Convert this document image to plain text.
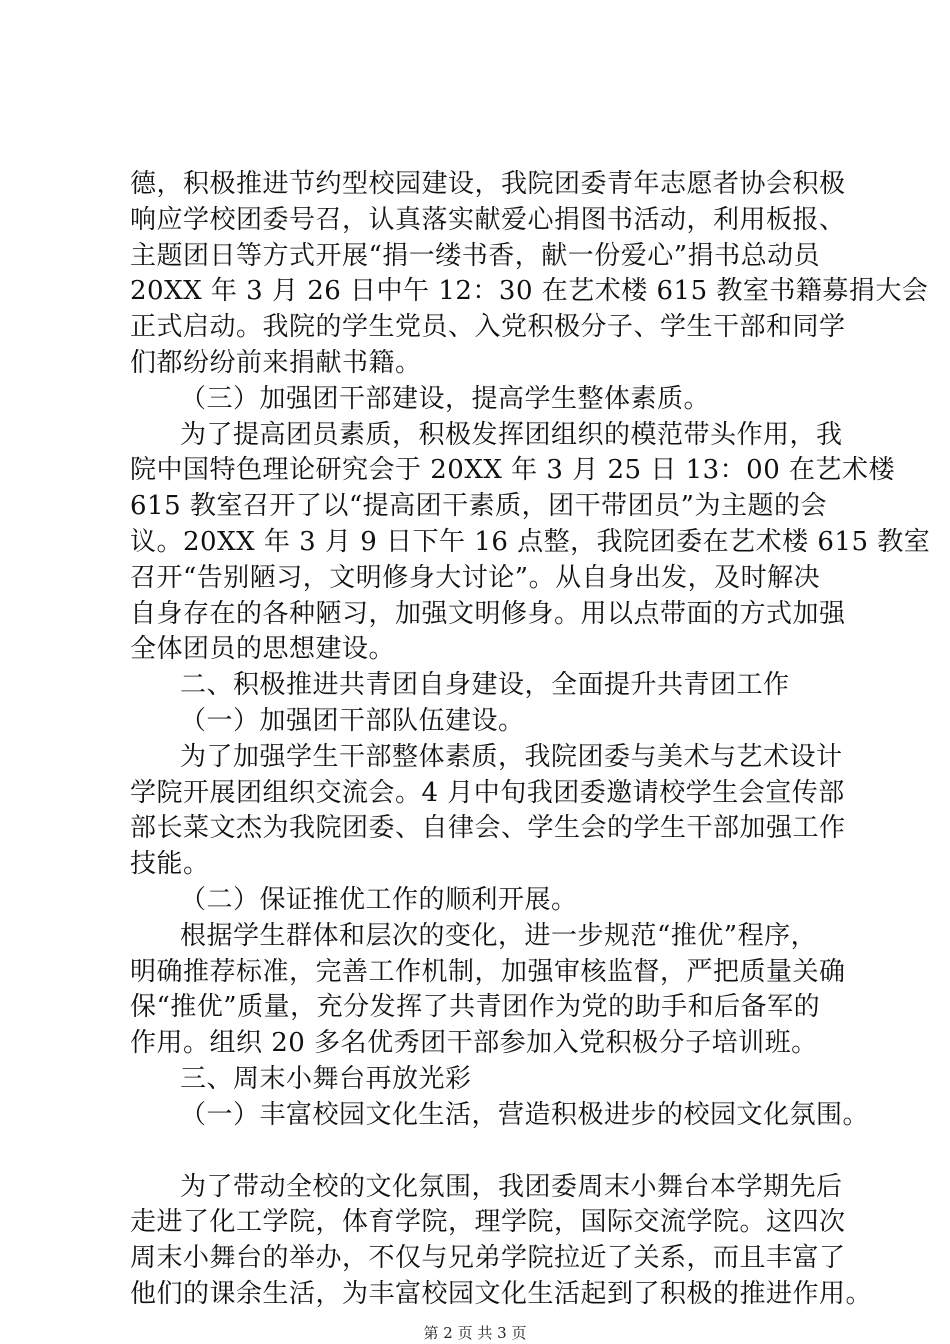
德，积极推进节约型校园建设，我院团委青年志愿者协会积极
响应学校团委号召，认真落实献爱心捐图书活动，利用板报、
主题团日等方式开展“捐一缕书香，献一份爱心”捐书总动员
20XX 年 3 月 26 日中午 12：30 在艺术楼 615 教室书籍募捐大会
正式启动。我院的学生党员、入党积极分子、学生干部和同学
们都纷纷前来捐献书籍。
（三）加强团干部建设，提高学生整体素质。
为了提高团员素质，积极发挥团组织的模范带头作用，我
院中国特色理论研究会于 20XX 年 3 月 25 日 13：00 在艺术楼
615 教室召开了以“提高团干素质，团干带团员”为主题的会
议。20XX 年 3 月 9 日下午 16 点整，我院团委在艺术楼 615 教室
召开“告别陋习，文明修身大讨论”。从自身出发，及时解决
自身存在的各种陋习，加强文明修身。用以点带面的方式加强
全体团员的思想建设。
二、积极推进共青团自身建设，全面提升共青团工作
（一）加强团干部队伍建设。
为了加强学生干部整体素质，我院团委与美术与艺术设计
学院开展团组织交流会。4 月中旬我团委邀请校学生会宣传部
部长菜文杰为我院团委、自律会、学生会的学生干部加强工作
技能。
（二）保证推优工作的顺利开展。
根据学生群体和层次的变化，进一步规范“推优”程序，
明确推荐标准，完善工作机制，加强审核监督，严把质量关确
保“推优”质量，充分发挥了共青团作为党的助手和后备军的
作用。组织 20 多名优秀团干部参加入党积极分子培训班。
三、周末小舞台再放光彩
（一）丰富校园文化生活，营造积极进步的校园文化氛围。
为了带动全校的文化氛围，我团委周末小舞台本学期先后
走进了化工学院，体育学院，理学院，国际交流学院。这四次
周末小舞台的举办，不仅与兄弟学院拉近了关系，而且丰富了
他们的课余生活，为丰富校园文化生活起到了积极的推进作用。
第 2 页 共 3 页
